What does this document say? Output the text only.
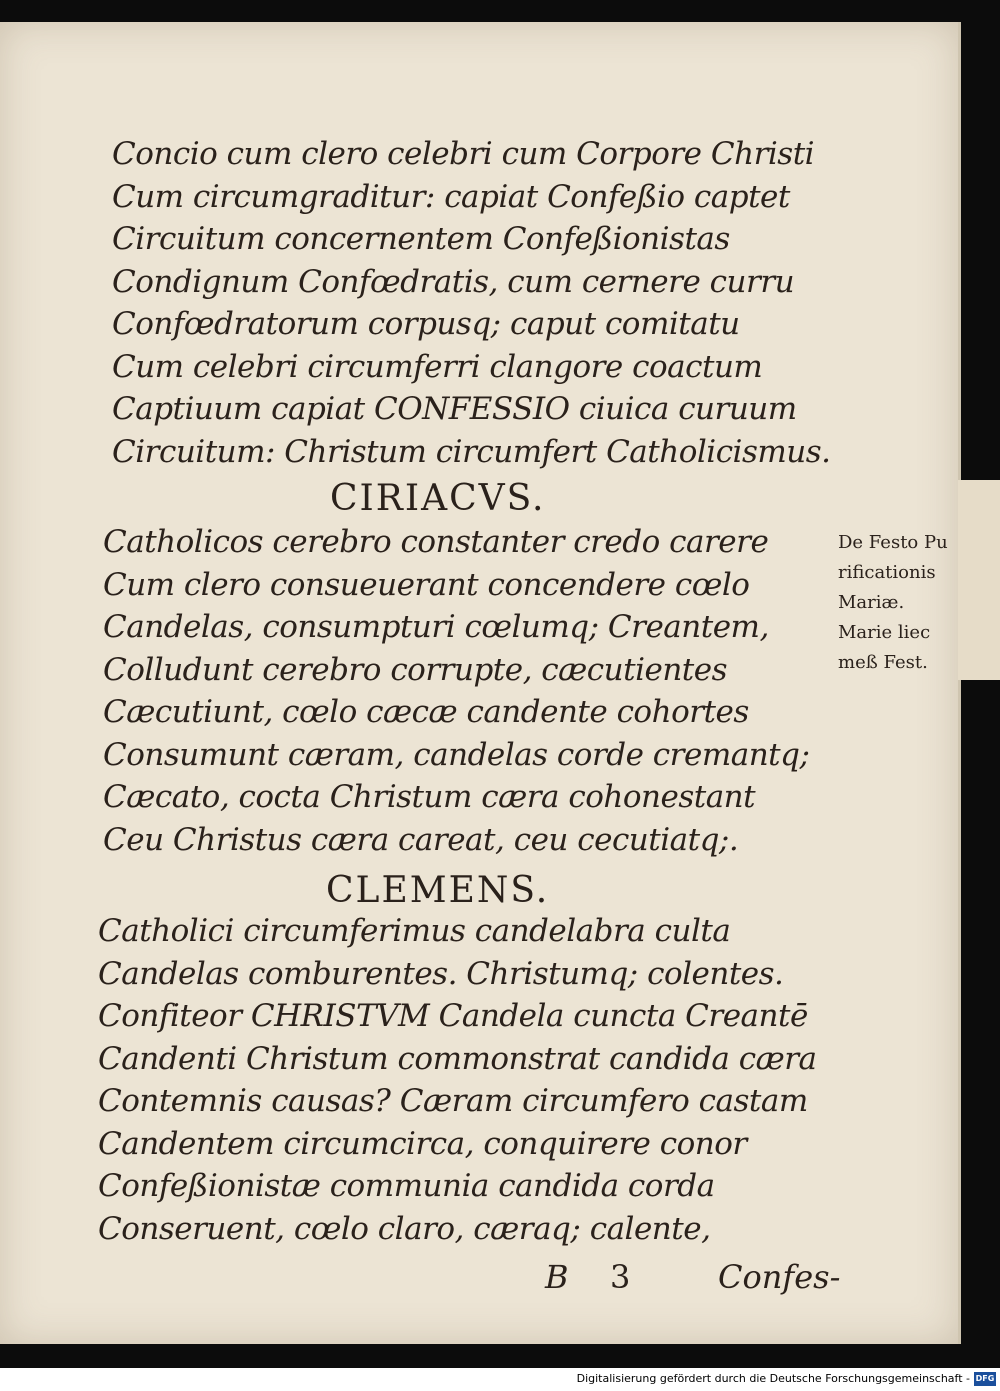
Concio cum clero celebri cum Corpore Christi
Cum circumgraditur: capiat Confeßio captet
Circuitum concernentem Confeßionistas
Condignum Confœdratis, cum cernere curru
Confœdratorum corpusq; caput comitatu
Cum celebri circumferri clangore coactum
Captiuum capiat CONFESSIO ciuica curuum
Circuitum: Christum circumfert Catholicismus.
CIRIACVS.
Catholicos cerebro constanter credo carere
Cum clero consueuerant concendere cœlo
Candelas, consumpturi cœlumq; Creantem,
Colludunt cerebro corrupte, cæcutientes
Cæcutiunt, cœlo cæcæ candente cohortes
Consumunt cæram, candelas corde cremantq;
Cæcato, cocta Christum cæra cohonestant
Ceu Christus cæra careat, ceu cecutiatq;.
CLEMENS.
Catholici circumferimus candelabra culta
Candelas comburentes. Christumq; colentes.
Confiteor CHRISTVM Candela cuncta Creantē
Candenti Christum commonstrat candida cæra
Contemnis causas? Cæram circumfero castam
Candentem circumcirca, conquirere conor
Confeßionistæ communia candida corda
Conseruent, cœlo claro, cæraq; calente,
De Festo Pu
rificationis
Mariæ.
Marie liec
meß Fest.
B 3	Confes-
Digitalisierung gefördert durch die Deutsche Forschungsgemeinschaft - DFG
